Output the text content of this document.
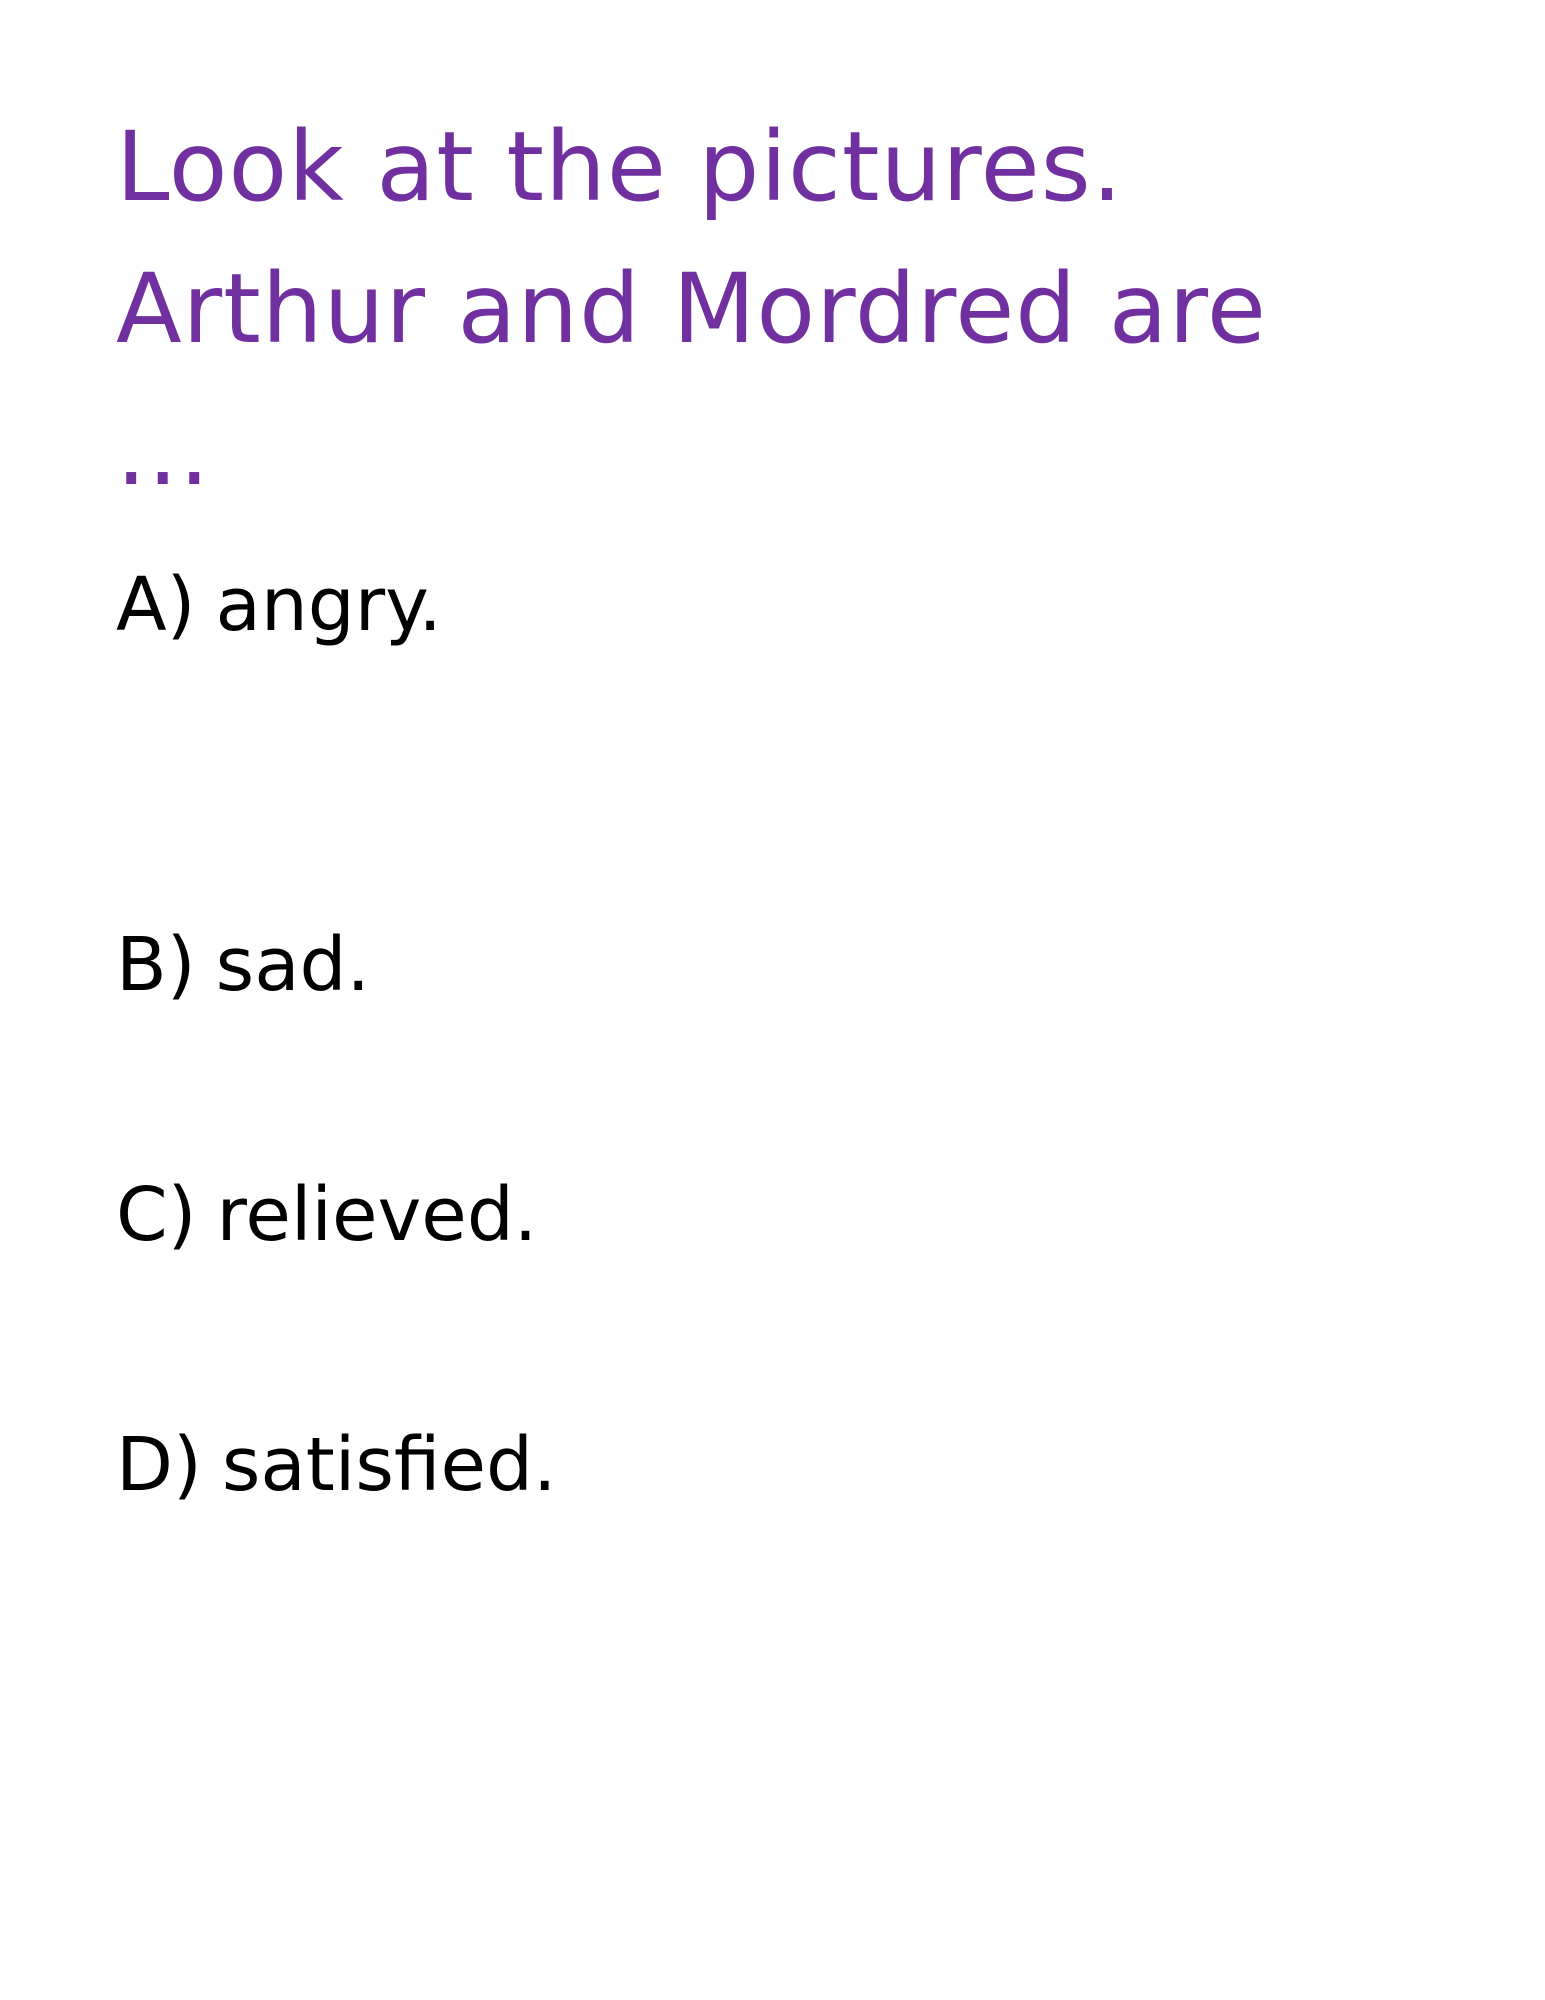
Look at the pictures.
Arthur and Mordred are
...
A) angry.
B) sad.
C) relieved.
D) satisfied.
